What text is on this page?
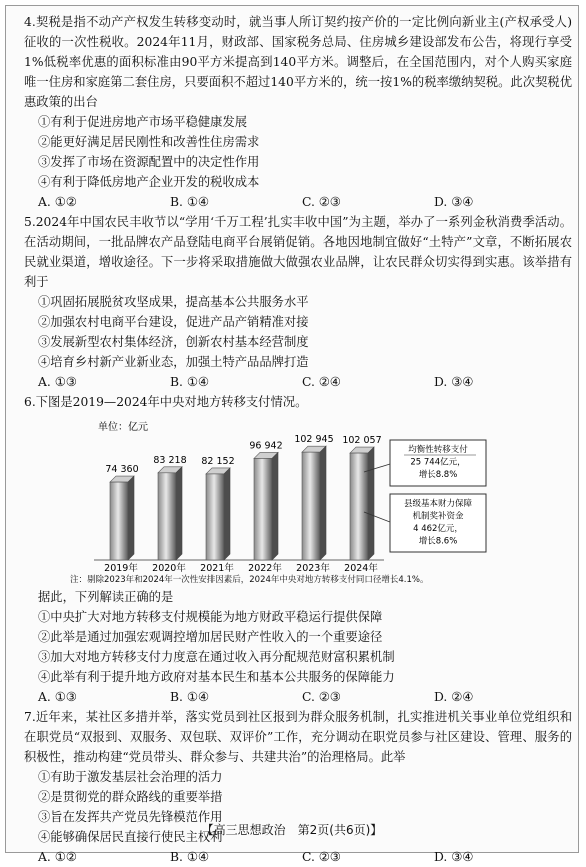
4.契税是指不动产产权发生转移变动时，就当事人所订契约按产价的一定比例向新业主(产权承受人)征收的一次性税收。2024年11月，财政部、国家税务总局、住房城乡建设部发布公告，将现行享受1%低税率优惠的面积标准由90平方米提高到140平方米。调整后，在全国范围内，对个人购买家庭唯一住房和家庭第二套住房，只要面积不超过140平方米的，统一按1%的税率缴纳契税。此次契税优惠政策的出台

①有利于促进房地产市场平稳健康发展

②能更好满足居民刚性和改善性住房需求

③发挥了市场在资源配置中的决定性作用

④有利于降低房地产企业开发的税收成本

A. ①②	B. ①④	C. ②③	D. ③④

5.2024年中国农民丰收节以“学用‘千万工程’扎实丰收中国”为主题，举办了一系列金秋消费季活动。在活动期间，一批品牌农产品登陆电商平台展销促销。各地因地制宜做好“土特产”文章，不断拓展农民就业渠道，增收途径。下一步将采取措施做大做强农业品牌，让农民群众切实得到实惠。该举措有利于

①巩固拓展脱贫攻坚成果，提高基本公共服务水平

②加强农村电商平台建设，促进产品产销精准对接

③发展新型农村集体经济，创新农村基本经营制度

④培育乡村新产业新业态，加强土特产品品牌打造

A. ①③	B. ①④	C. ②④	D. ③④

6.下图是2019—2024年中央对地方转移支付情况。

单位：亿元
74 360
2019年
83 218
2020年
82 152
2021年
96 942
2022年
102 945
2023年
102 057
2024年
均衡性转移支付
25 744亿元，
增长8.8%
县级基本财力保障
机制奖补资金
4 462亿元，
增长8.6%

注：剔除2023年和2024年一次性安排因素后，2024年中央对地方转移支付同口径增长4.1%。

据此，下列解读正确的是

①中央扩大对地方转移支付规模能为地方财政平稳运行提供保障

②此举是通过加强宏观调控增加居民财产性收入的一个重要途径

③加大对地方转移支付力度意在通过收入再分配规范财富积累机制

④此举有利于提升地方政府对基本民生和基本公共服务的保障能力

A. ①③	B. ①④	C. ②③	D. ②④

7.近年来，某社区多措并举，落实党员到社区报到为群众服务机制，扎实推进机关事业单位党组织和在职党员“双报到、双服务、双包联、双评价”工作，充分调动在职党员参与社区建设、管理、服务的积极性，推动构建“党员带头、群众参与、共建共治”的治理格局。此举

①有助于激发基层社会治理的活力

②是贯彻党的群众路线的重要举措

③旨在发挥共产党员先锋模范作用

④能够确保居民直接行使民主权利

A. ①②	B. ①④	C. ②③	D. ③④
【高三思想政治　第2页(共6页)】
